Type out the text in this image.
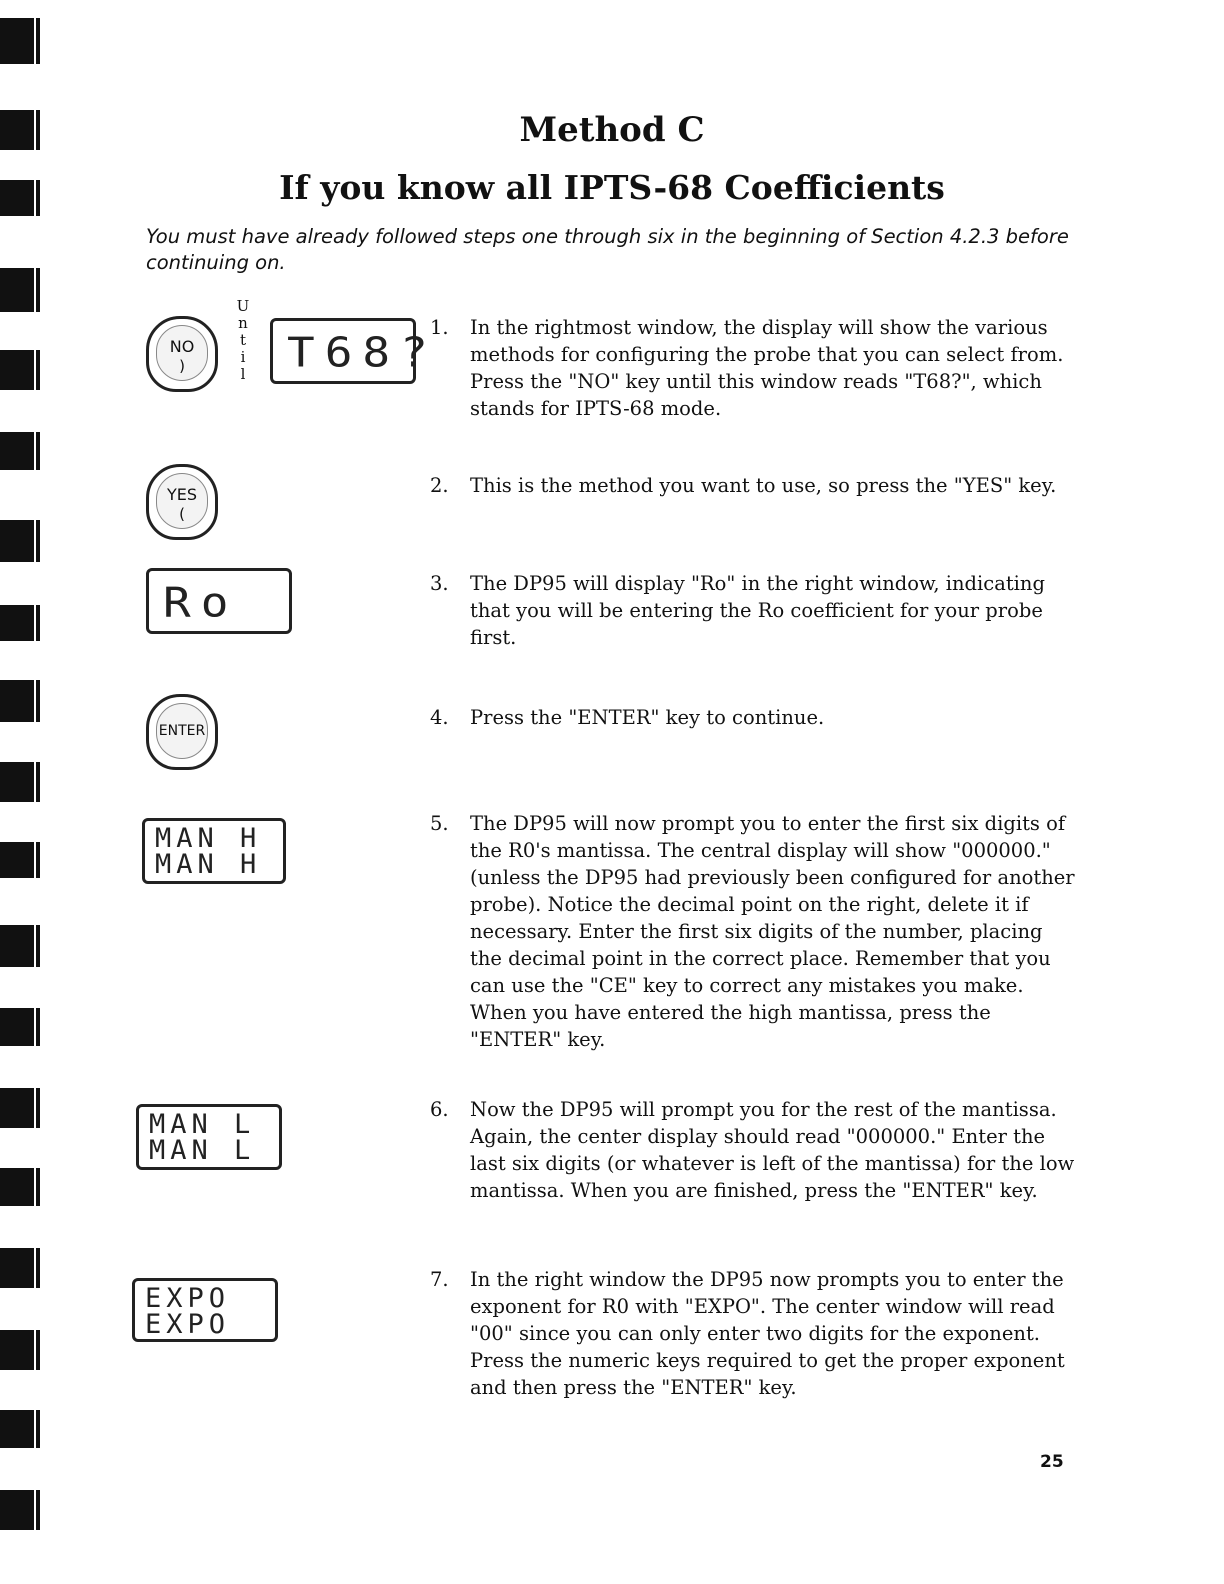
Method C
If you know all IPTS-68 Coefficients

You must have already followed steps one through six in the beginning of Section 4.2.3 before continuing on.

NO
)
U
n
t
i
l T68?
YES
(
Ro
ENTER
MAN H
MAN H
MAN L
MAN L
EXPO
EXPO
1.	In the rightmost window, the display will show the various methods for configuring the probe that you can select from. Press the "NO" key until this window reads "T68?", which stands for IPTS-68 mode.
2.	This is the method you want to use, so press the "YES" key.
3.	The DP95 will display "Ro" in the right window, indicating that you will be entering the Ro coefficient for your probe first.
4.	Press the "ENTER" key to continue.
5.	The DP95 will now prompt you to enter the first six digits of the R0's mantissa. The central display will show "000000." (unless the DP95 had previously been configured for another probe). Notice the decimal point on the right, delete it if necessary. Enter the first six digits of the number, placing the decimal point in the correct place. Remember that you can use the "CE" key to correct any mistakes you make. When you have entered the high mantissa, press the "ENTER" key.
6.	Now the DP95 will prompt you for the rest of the mantissa. Again, the center display should read "000000." Enter the last six digits (or whatever is left of the mantissa) for the low mantissa. When you are finished, press the "ENTER" key.
7.	In the right window the DP95 now prompts you to enter the exponent for R0 with "EXPO". The center window will read "00" since you can only enter two digits for the exponent. Press the numeric keys required to get the proper exponent and then press the "ENTER" key.
25
